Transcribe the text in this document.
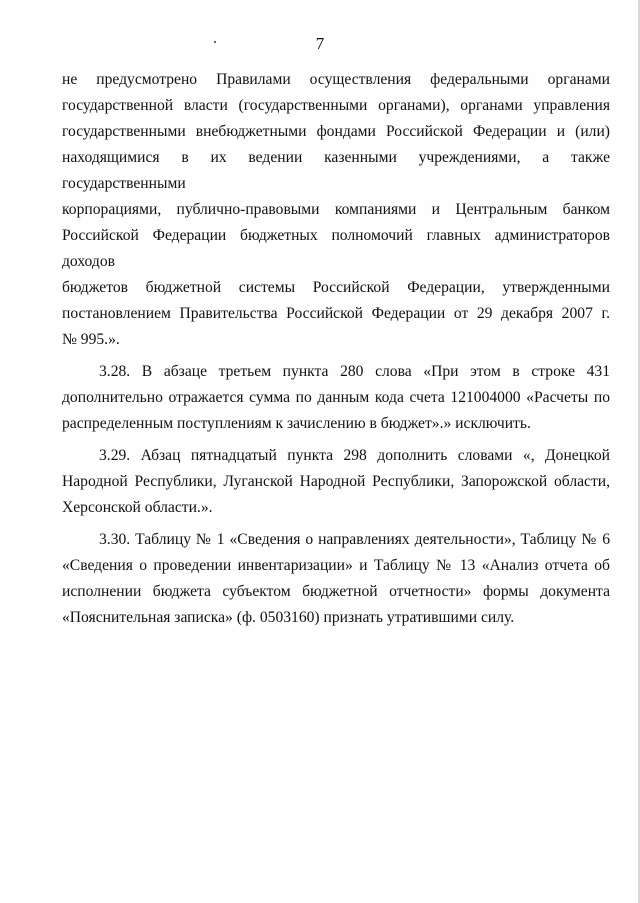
7

не предусмотрено Правилами осуществления федеральными органами
государственной власти (государственными органами), органами управления
государственными внебюджетными фондами Российской Федерации и (или)
находящимися в их ведении казенными учреждениями, а также государственными
корпорациями, публично-правовыми компаниями и Центральным банком
Российской Федерации бюджетных полномочий главных администраторов доходов
бюджетов бюджетной системы Российской Федерации, утвержденными
постановлением Правительства Российской Федерации от 29 декабря 2007 г.
№ 995.».

3.28. В абзаце третьем пункта 280 слова «При этом в строке 431 дополнительно отражается сумма по данным кода счета 121004000 «Расчеты по распределенным поступлениям к зачислению в бюджет».» исключить.

3.29. Абзац пятнадцатый пункта 298 дополнить словами «, Донецкой Народной Республики, Луганской Народной Республики, Запорожской области, Херсонской области.».

3.30. Таблицу № 1 «Сведения о направлениях деятельности», Таблицу № 6 «Сведения о проведении инвентаризации» и Таблицу № 13 «Анализ отчета об исполнении бюджета субъектом бюджетной отчетности» формы документа «Пояснительная записка» (ф. 0503160) признать утратившими силу.
